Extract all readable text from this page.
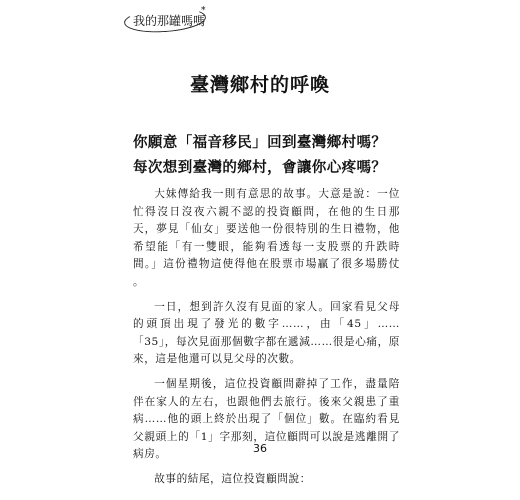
我的那罐嗎嗎
*
臺灣鄉村的呼喚
你願意「福音移民」回到臺灣鄉村嗎？每次想到臺灣的鄉村，會讓你心疼嗎？

大妹傳給我一則有意思的故事。大意是說：一位忙得沒日沒夜六親不認的投資顧問，在他的生日那天，夢見「仙女」要送他一份很特別的生日禮物，他希望能「有一雙眼，能夠看透每一支股票的升跌時間。」這份禮物這使得他在股票市場贏了很多場勝仗 。

一日，想到許久沒有見面的家人。回家看見父母的頭頂出現了發光的數字……，由「45」……「35」，每次見面那個數字都在遞減……很是心痛，原來，這是他還可以見父母的次數。

一個星期後，這位投資顧問辭掉了工作，盡量陪伴在家人的左右，也跟他們去旅行。後來父親患了重病……他的頭上終於出現了「個位」數。在臨約看見父親頭上的「1」字那刻，這位顧問可以說是逃離開了病房。

故事的結尾，這位投資顧問說：

36
